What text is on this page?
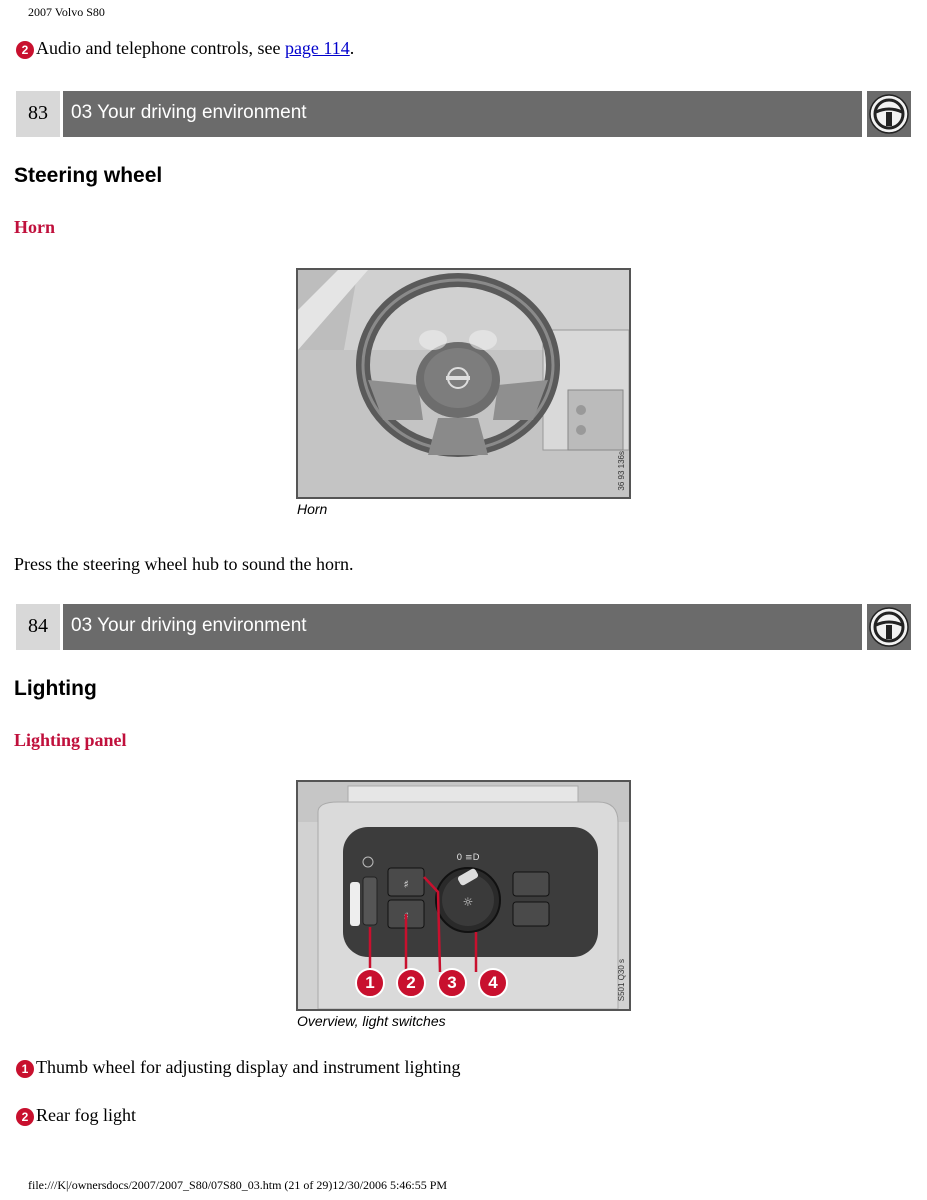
2007 Volvo S80
2 Audio and telephone controls, see page 114.
83	03 Your driving environment
Steering wheel
Horn
36 93 136s
Horn
Press the steering wheel hub to sound the horn.
84	03 Your driving environment
Lighting
Lighting panel
♯
♯
☼
0 ≡D
1	2	3	4	S501 Q30 s
Overview, light switches
1 Thumb wheel for adjusting display and instrument lighting
2 Rear fog light
file:///K|/ownersdocs/2007/2007_S80/07S80_03.htm (21 of 29)12/30/2006 5:46:55 PM
